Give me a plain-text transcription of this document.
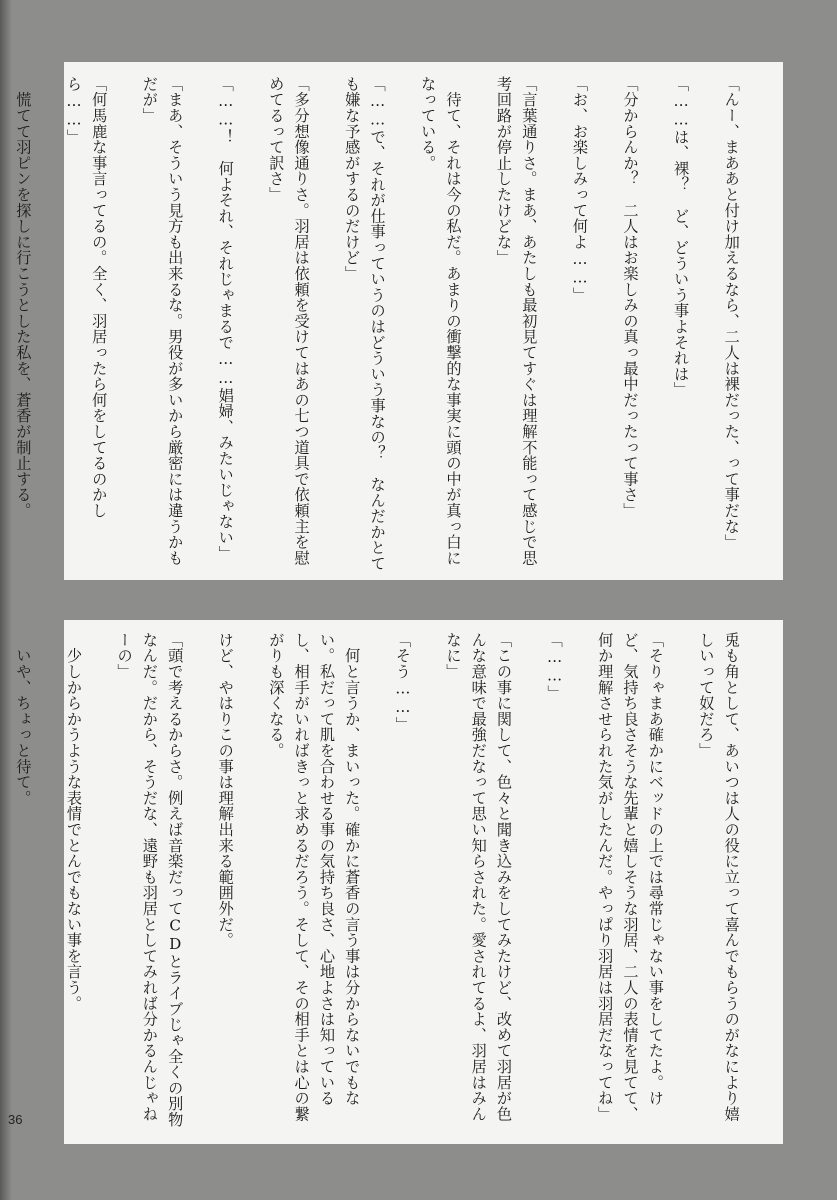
「んー、まああと付け加えるなら、二人は裸だった、って事だな」

「……は、裸？　ど、どういう事よそれは」

「分からんか？　二人はお楽しみの真っ最中だったって事さ」

「お、お楽しみって何よ……」

「言葉通りさ。まあ、あたしも最初見てすぐは理解不能って感じで思考回路が停止したけどな」

　待て、それは今の私だ。あまりの衝撃的な事実に頭の中が真っ白になっている。

「……で、それが仕事っていうのはどういう事なの？　なんだかとても嫌な予感がするのだけど」

「多分想像通りさ。羽居は依頼を受けてはあの七つ道具で依頼主を慰めてるって訳さ」

「……！　何よそれ、それじゃまるで……娼婦、みたいじゃない」

「まあ、そういう見方も出来るな。男役が多いから厳密には違うかもだが」

「何馬鹿な事言ってるの。全く、羽居ったら何をしてるのかしら……」

　慌てて羽ピンを探しに行こうとした私を、蒼香が制止する。

兎も角として、あいつは人の役に立って喜んでもらうのがなにより嬉しいって奴だろ」

「そりゃまあ確かにベッドの上では尋常じゃない事をしてたよ。けど、気持ち良さそうな先輩と嬉しそうな羽居、二人の表情を見てて、何か理解させられた気がしたんだ。やっぱり羽居は羽居だなってね」

「……」

「この事に関して、色々と聞き込みをしてみたけど、改めて羽居が色んな意味で最強だなって思い知らされた。愛されてるよ、羽居はみんなに」

「そう……」

　何と言うか、まいった。確かに蒼香の言う事は分からないでもない。私だって肌を合わせる事の気持ち良さ、心地よさは知っているし、相手がいればきっと求めるだろう。そして、その相手とは心の繋がりも深くなる。

けど、やはりこの事は理解出来る範囲外だ。

「頭で考えるからさ。例えば音楽だってCDとライブじゃ全くの別物なんだ。だから、そうだな、遠野も羽居としてみれば分かるんじゃねーの」

　少しからかうような表情でとんでもない事を言う。

　いや、ちょっと待て。

36
